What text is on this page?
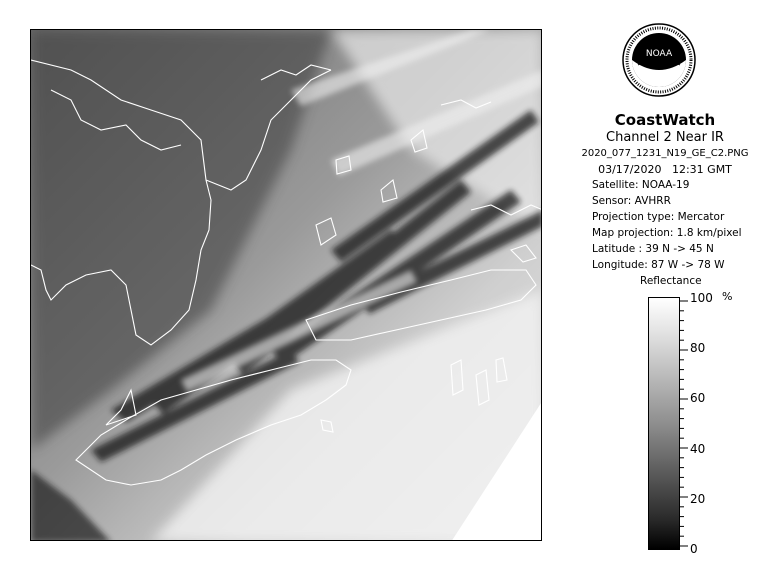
NOAA
CoastWatch
Channel 2 Near IR
2020_077_1231_N19_GE_C2.PNG
03/17/2020   12:31 GMT
Satellite: NOAA-19
Sensor: AVHRR
Projection type: Mercator
Map projection: 1.8 km/pixel
Latitude : 39 N -> 45 N
Longitude: 87 W -> 78 W
Reflectance
100
80
60
40
20
0
%
